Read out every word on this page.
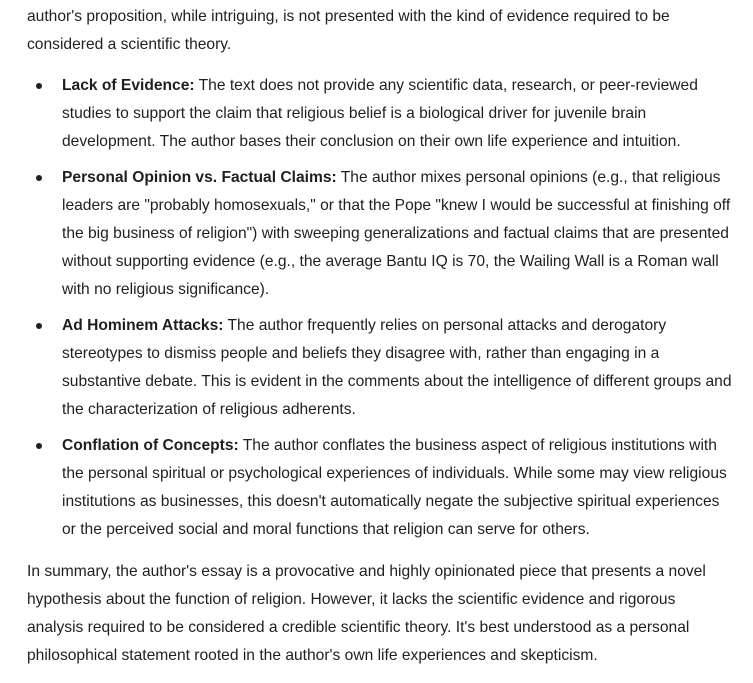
author's proposition, while intriguing, is not presented with the kind of evidence required to be considered a scientific theory.

Lack of Evidence: The text does not provide any scientific data, research, or peer-reviewed studies to support the claim that religious belief is a biological driver for juvenile brain development. The author bases their conclusion on their own life experience and intuition.
Personal Opinion vs. Factual Claims: The author mixes personal opinions (e.g., that religious leaders are "probably homosexuals," or that the Pope "knew I would be successful at finishing off the big business of religion") with sweeping generalizations and factual claims that are presented without supporting evidence (e.g., the average Bantu IQ is 70, the Wailing Wall is a Roman wall with no religious significance).
Ad Hominem Attacks: The author frequently relies on personal attacks and derogatory stereotypes to dismiss people and beliefs they disagree with, rather than engaging in a substantive debate. This is evident in the comments about the intelligence of different groups and the characterization of religious adherents.
Conflation of Concepts: The author conflates the business aspect of religious institutions with the personal spiritual or psychological experiences of individuals. While some may view religious institutions as businesses, this doesn't automatically negate the subjective spiritual experiences or the perceived social and moral functions that religion can serve for others.

In summary, the author's essay is a provocative and highly opinionated piece that presents a novel hypothesis about the function of religion. However, it lacks the scientific evidence and rigorous analysis required to be considered a credible scientific theory. It's best understood as a personal philosophical statement rooted in the author's own life experiences and skepticism.
